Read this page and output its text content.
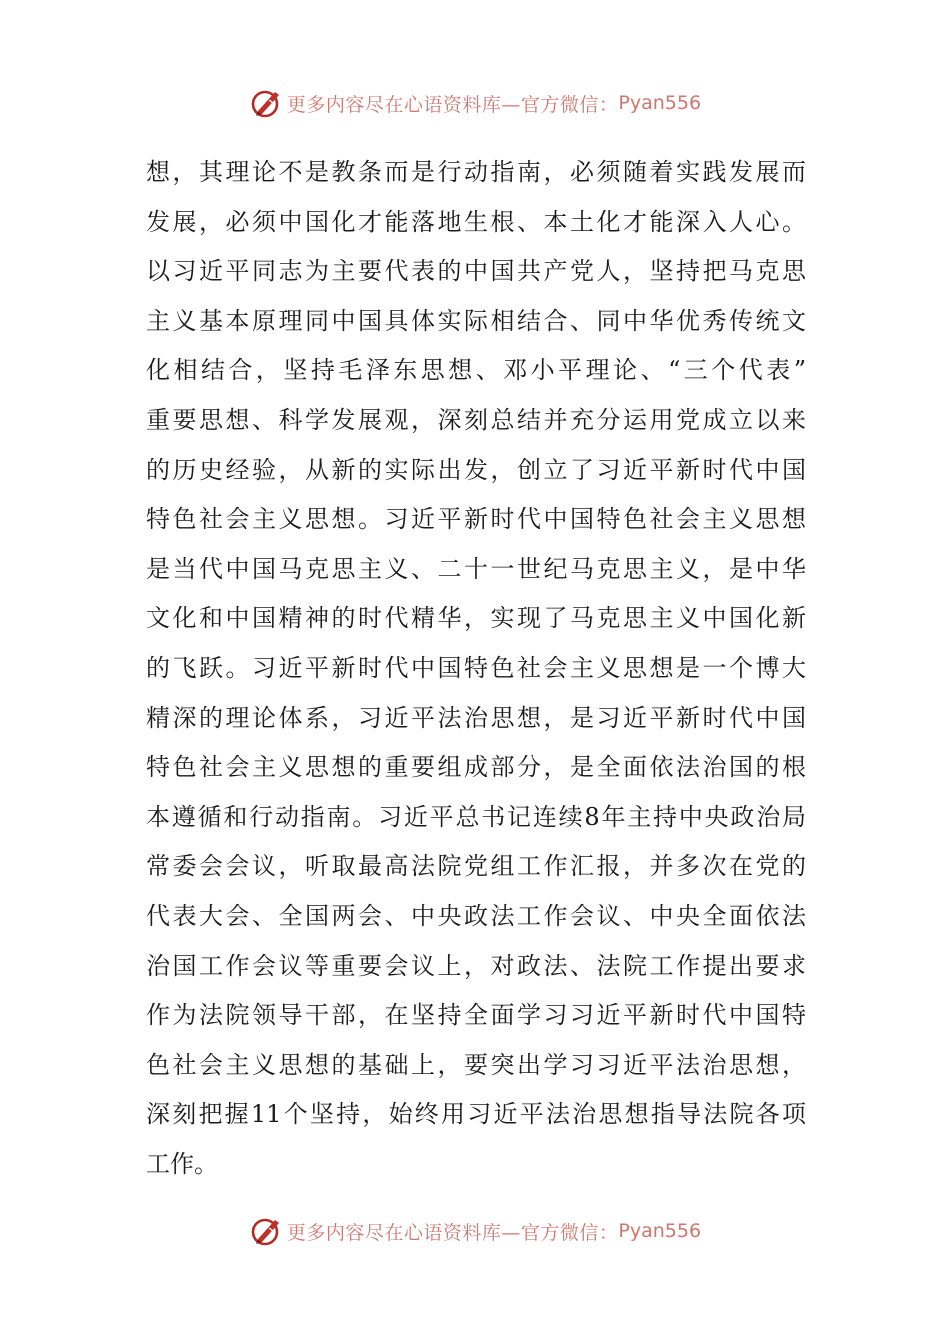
更多内容尽在心语资料库—官方微信： Pyan556
想，其理论不是教条而是行动指南，必须随着实践发展而
发展，必须中国化才能落地生根、本土化才能深入人心。
以习近平同志为主要代表的中国共产党人，坚持把马克思
主义基本原理同中国具体实际相结合、同中华优秀传统文
化相结合，坚持毛泽东思想、邓小平理论、“三个代表”
重要思想、科学发展观，深刻总结并充分运用党成立以来
的历史经验，从新的实际出发，创立了习近平新时代中国
特色社会主义思想。习近平新时代中国特色社会主义思想
是当代中国马克思主义、二十一世纪马克思主义，是中华
文化和中国精神的时代精华，实现了马克思主义中国化新
的飞跃。习近平新时代中国特色社会主义思想是一个博大
精深的理论体系，习近平法治思想，是习近平新时代中国
特色社会主义思想的重要组成部分，是全面依法治国的根
本遵循和行动指南。习近平总书记连续8年主持中央政治局
常委会会议，听取最高法院党组工作汇报，并多次在党的
代表大会、全国两会、中央政法工作会议、中央全面依法
治国工作会议等重要会议上，对政法、法院工作提出要求
作为法院领导干部，在坚持全面学习习近平新时代中国特
色社会主义思想的基础上，要突出学习习近平法治思想，
深刻把握11个坚持，始终用习近平法治思想指导法院各项
工作。
更多内容尽在心语资料库—官方微信： Pyan556
